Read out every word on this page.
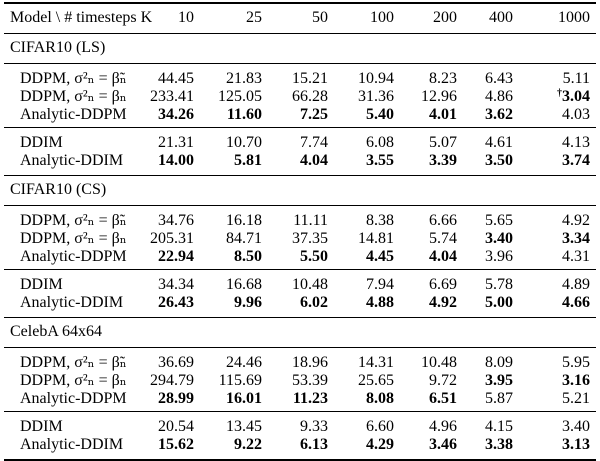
Model \ # timesteps K	10	25	50	100	200	400	1000
CIFAR10 (LS)
DDPM, σ²ₙ = β̃ₙ	44.45	21.83	15.21	10.94	8.23	6.43	5.11
DDPM, σ²ₙ = βₙ	233.41	125.05	66.28	31.36	12.96	4.86	†3.04
Analytic-DDPM	34.26	11.60	7.25	5.40	4.01	3.62	4.03
DDIM	21.31	10.70	7.74	6.08	5.07	4.61	4.13
Analytic-DDIM	14.00	5.81	4.04	3.55	3.39	3.50	3.74
CIFAR10 (CS)
DDPM, σ²ₙ = β̃ₙ	34.76	16.18	11.11	8.38	6.66	5.65	4.92
DDPM, σ²ₙ = βₙ	205.31	84.71	37.35	14.81	5.74	3.40	3.34
Analytic-DDPM	22.94	8.50	5.50	4.45	4.04	3.96	4.31
DDIM	34.34	16.68	10.48	7.94	6.69	5.78	4.89
Analytic-DDIM	26.43	9.96	6.02	4.88	4.92	5.00	4.66
CelebA 64x64
DDPM, σ²ₙ = β̃ₙ	36.69	24.46	18.96	14.31	10.48	8.09	5.95
DDPM, σ²ₙ = βₙ	294.79	115.69	53.39	25.65	9.72	3.95	3.16
Analytic-DDPM	28.99	16.01	11.23	8.08	6.51	5.87	5.21
DDIM	20.54	13.45	9.33	6.60	4.96	4.15	3.40
Analytic-DDIM	15.62	9.22	6.13	4.29	3.46	3.38	3.13
